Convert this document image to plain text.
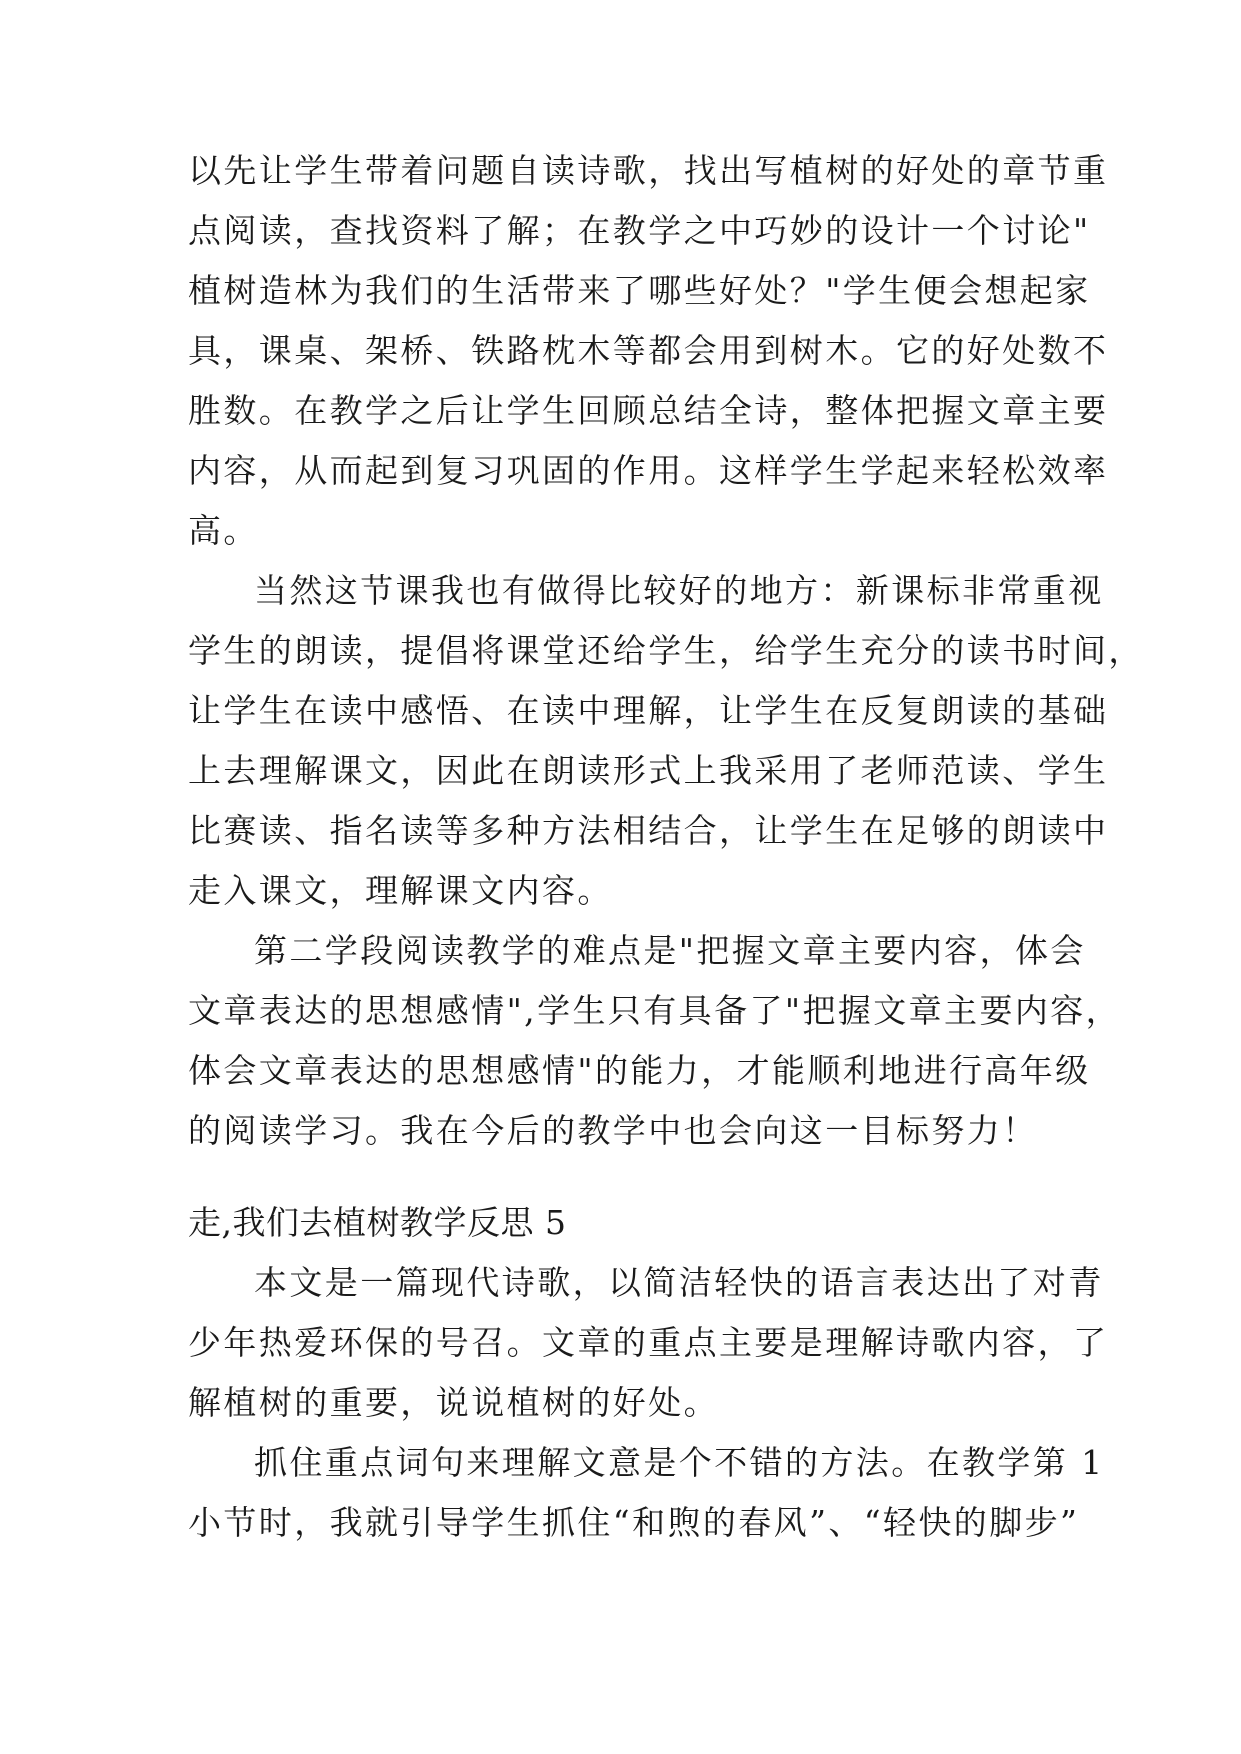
以先让学生带着问题自读诗歌，找出写植树的好处的章节重
点阅读，查找资料了解；在教学之中巧妙的设计一个讨论"
植树造林为我们的生活带来了哪些好处？"学生便会想起家
具，课桌、架桥、铁路枕木等都会用到树木。它的好处数不
胜数。在教学之后让学生回顾总结全诗，整体把握文章主要
内容，从而起到复习巩固的作用。这样学生学起来轻松效率
高。
当然这节课我也有做得比较好的地方：新课标非常重视
学生的朗读，提倡将课堂还给学生，给学生充分的读书时间，
让学生在读中感悟、在读中理解，让学生在反复朗读的基础
上去理解课文，因此在朗读形式上我采用了老师范读、学生
比赛读、指名读等多种方法相结合，让学生在足够的朗读中
走入课文，理解课文内容。
第二学段阅读教学的难点是"把握文章主要内容，体会
文章表达的思想感情",学生只有具备了"把握文章主要内容，
体会文章表达的思想感情"的能力，才能顺利地进行高年级
的阅读学习。我在今后的教学中也会向这一目标努力！
走,我们去植树教学反思 5
本文是一篇现代诗歌，以简洁轻快的语言表达出了对青
少年热爱环保的号召。文章的重点主要是理解诗歌内容，了
解植树的重要，说说植树的好处。
抓住重点词句来理解文意是个不错的方法。在教学第 1
小节时，我就引导学生抓住“和煦的春风”、“轻快的脚步”
